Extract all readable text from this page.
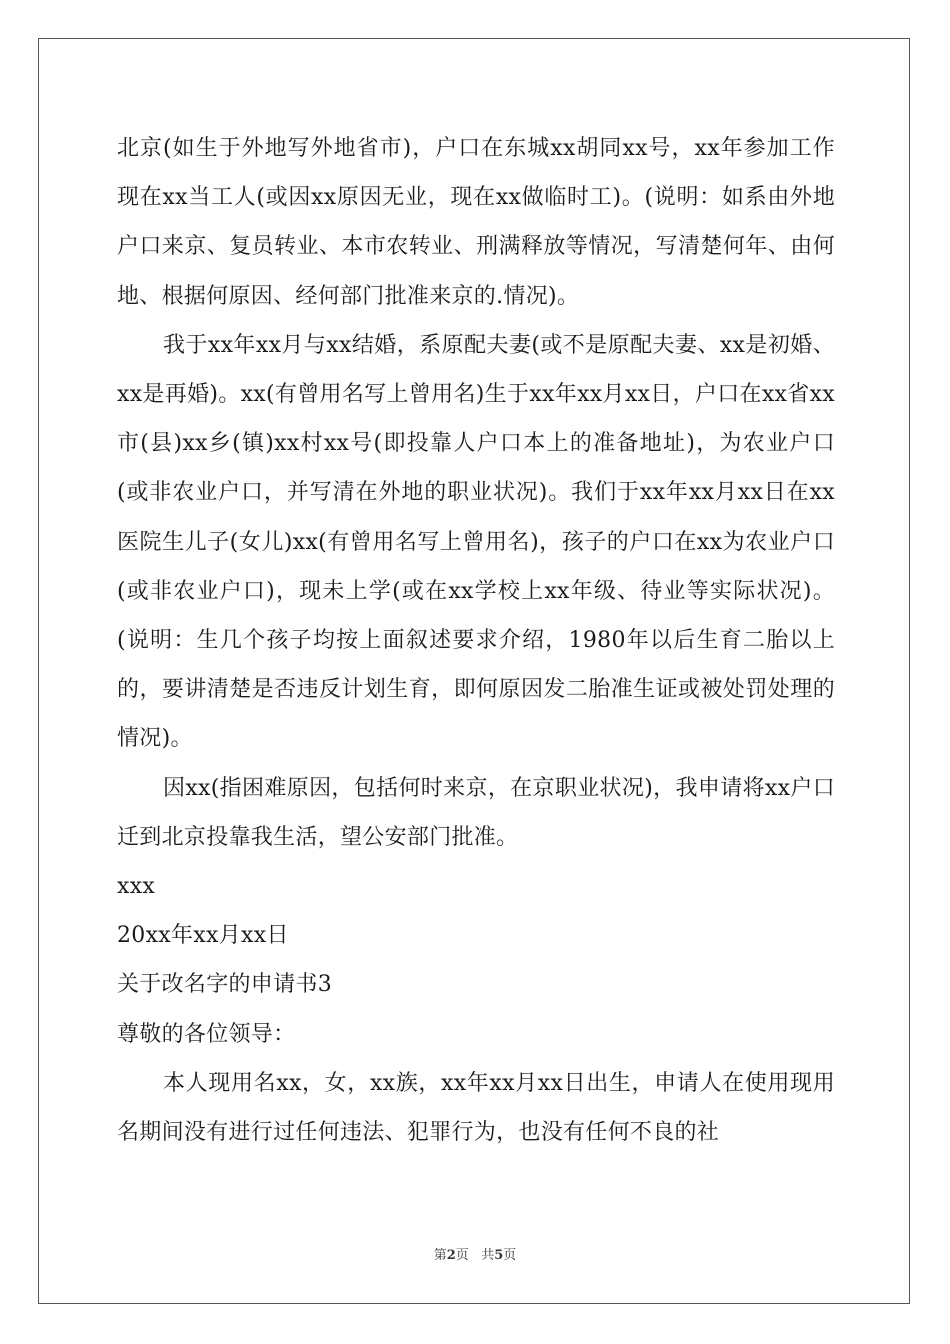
北京(如生于外地写外地省市)，户口在东城xx胡同xx号，xx年参加工作现在xx当工人(或因xx原因无业，现在xx做临时工)。(说明：如系由外地户口来京、复员转业、本市农转业、刑满释放等情况，写清楚何年、由何地、根据何原因、经何部门批准来京的.情况)。

我于xx年xx月与xx结婚，系原配夫妻(或不是原配夫妻、xx是初婚、xx是再婚)。xx(有曾用名写上曾用名)生于xx年xx月xx日，户口在xx省xx市(县)xx乡(镇)xx村xx号(即投靠人户口本上的准备地址)，为农业户口(或非农业户口，并写清在外地的职业状况)。我们于xx年xx月xx日在xx医院生儿子(女儿)xx(有曾用名写上曾用名)，孩子的户口在xx为农业户口(或非农业户口)，现未上学(或在xx学校上xx年级、待业等实际状况)。(说明：生几个孩子均按上面叙述要求介绍，1980年以后生育二胎以上的，要讲清楚是否违反计划生育，即何原因发二胎准生证或被处罚处理的情况)。

因xx(指困难原因，包括何时来京，在京职业状况)，我申请将xx户口迁到北京投靠我生活，望公安部门批准。

xxx

20xx年xx月xx日

关于改名字的申请书3

尊敬的各位领导：

本人现用名xx，女，xx族，xx年xx月xx日出生，申请人在使用现用名期间没有进行过任何违法、犯罪行为，也没有任何不良的社

第2页 共5页
